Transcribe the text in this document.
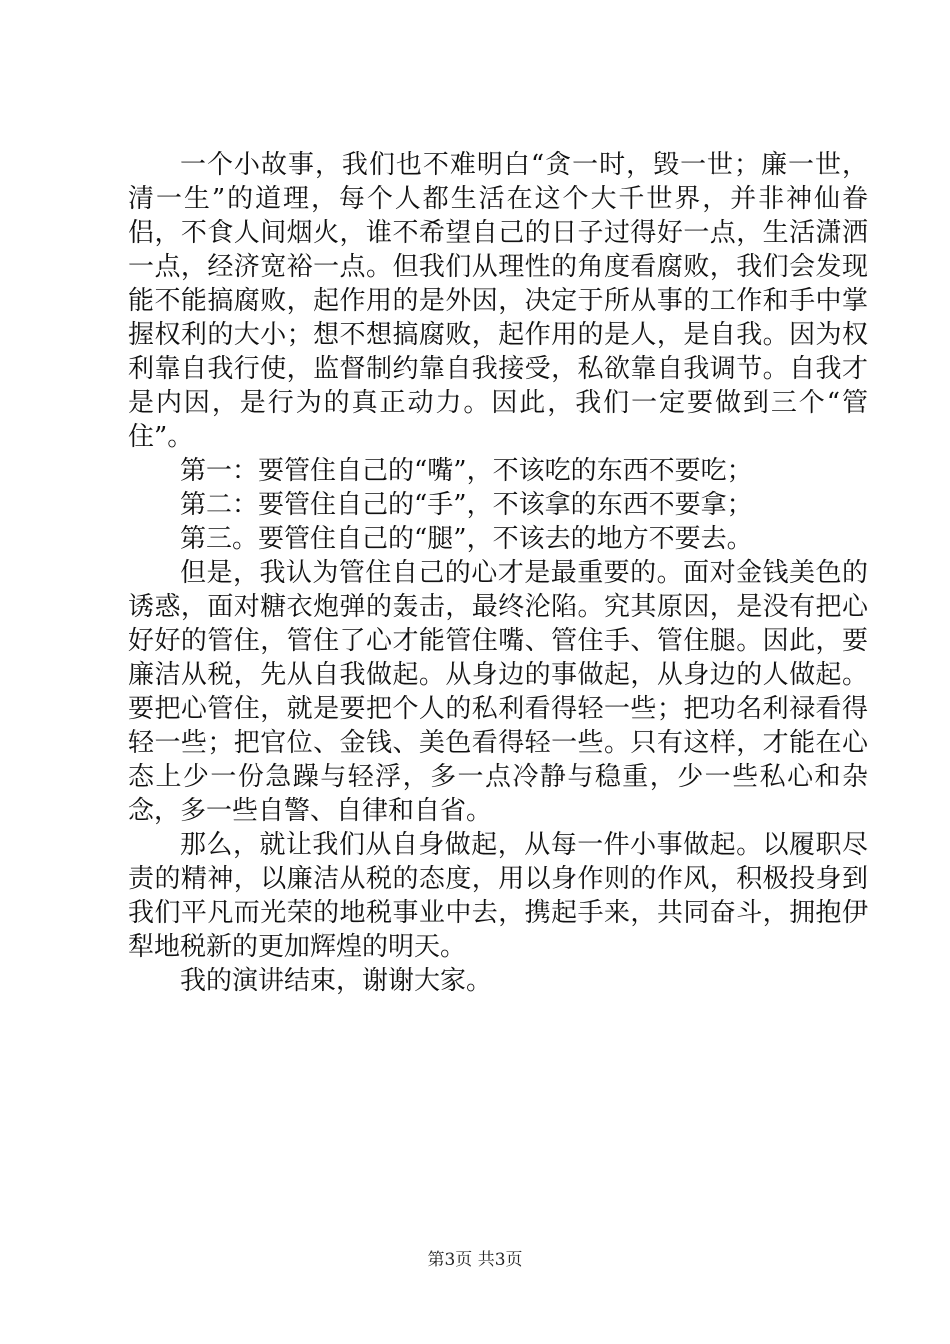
一个小故事，我们也不难明白“贪一时，毁一世；廉一世，清一生”的道理，每个人都生活在这个大千世界，并非神仙眷侣，不食人间烟火，谁不希望自己的日子过得好一点，生活潇洒一点，经济宽裕一点。但我们从理性的角度看腐败，我们会发现能不能搞腐败，起作用的是外因，决定于所从事的工作和手中掌握权利的大小；想不想搞腐败，起作用的是人，是自我。因为权利靠自我行使，监督制约靠自我接受，私欲靠自我调节。自我才是内因，是行为的真正动力。因此，我们一定要做到三个“管住”。

第一：要管住自己的“嘴”，不该吃的东西不要吃；

第二：要管住自己的“手”，不该拿的东西不要拿；

第三。要管住自己的“腿”，不该去的地方不要去。

但是，我认为管住自己的心才是最重要的。面对金钱美色的诱惑，面对糖衣炮弹的轰击，最终沦陷。究其原因，是没有把心好好的管住，管住了心才能管住嘴、管住手、管住腿。因此，要廉洁从税，先从自我做起。从身边的事做起，从身边的人做起。要把心管住，就是要把个人的私利看得轻一些；把功名利禄看得轻一些；把官位、金钱、美色看得轻一些。只有这样，才能在心态上少一份急躁与轻浮，多一点冷静与稳重，少一些私心和杂念，多一些自警、自律和自省。

那么，就让我们从自身做起，从每一件小事做起。以履职尽责的精神，以廉洁从税的态度，用以身作则的作风，积极投身到我们平凡而光荣的地税事业中去，携起手来，共同奋斗，拥抱伊犁地税新的更加辉煌的明天。

我的演讲结束，谢谢大家。

第3页 共3页
